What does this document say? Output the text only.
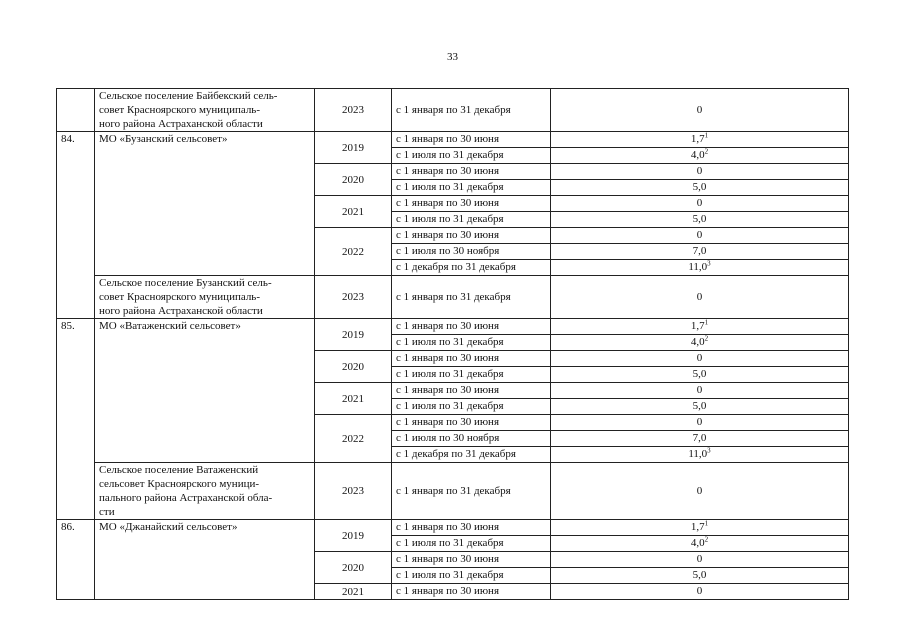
33

	Сельское поселение Байбекский сель-
совет Красноярского муниципаль-
ного района Астраханской области	2023	с 1 января по 31 декабря	0
84.	МО «Бузанский сельсовет»	2019	с 1 января по 30 июня	$1,7^1$
			с 1 июля по 31 декабря	$4,0^2$
		2020	с 1 января по 30 июня	0
			с 1 июля по 31 декабря	5,0
		2021	с 1 января по 30 июня	0
			с 1 июля по 31 декабря	5,0
		2022	с 1 января по 30 июня	0
			с 1 июля по 30 ноября	7,0
			с 1 декабря по 31 декабря	11,0$^3$

	Сельское поселение Бузанский сель-
совет Красноярского муниципаль-
ного района Астраханской области	2023	с 1 января по 31 декабря	0
85.	МО «Ватаженский сельсовет»	2019	с 1 января по 30 июня	$1,7^1$
			с 1 июля по 31 декабря	$4,0^2$
		2020	с 1 января по 30 июня	0
			с 1 июля по 31 декабря	5,0
		2021	с 1 января по 30 июня	0
			с 1 июля по 31 декабря	5,0
		2022	с 1 января по 30 июня	0
			с 1 июля по 30 ноября	7,0
			с 1 декабря по 31 декабря	11,0$^3$

	Сельское поселение Ватаженский
сельсовет Красноярского муници-
пального района Астраханской обла-
сти	2023	с 1 января по 31 декабря	0
86.	МО «Джанайский сельсовет»	2019	с 1 января по 30 июня	$1,7^1$
			с 1 июля по 31 декабря	$4,0^2$
		2020	с 1 января по 30 июня	0
			с 1 июля по 31 декабря	5,0
		2021	с 1 января по 30 июня	0
